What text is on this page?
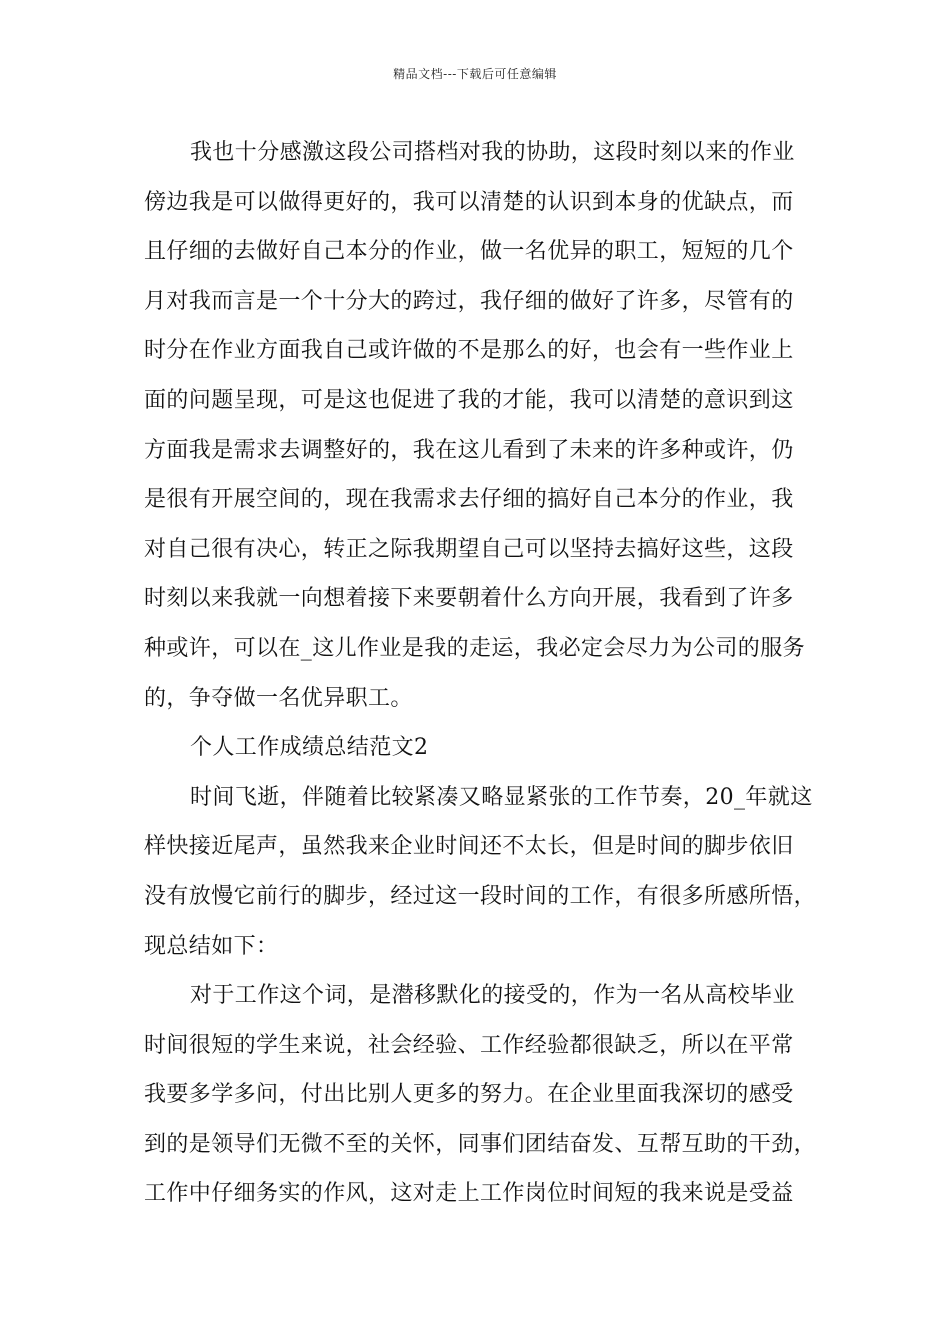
精品文档---下载后可任意编辑

我也十分感激这段公司搭档对我的协助，这段时刻以来的作业
傍边我是可以做得更好的，我可以清楚的认识到本身的优缺点，而
且仔细的去做好自己本分的作业，做一名优异的职工，短短的几个
月对我而言是一个十分大的跨过，我仔细的做好了许多，尽管有的
时分在作业方面我自己或许做的不是那么的好，也会有一些作业上
面的问题呈现，可是这也促进了我的才能，我可以清楚的意识到这
方面我是需求去调整好的，我在这儿看到了未来的许多种或许，仍
是很有开展空间的，现在我需求去仔细的搞好自己本分的作业，我
对自己很有决心，转正之际我期望自己可以坚持去搞好这些，这段
时刻以来我就一向想着接下来要朝着什么方向开展，我看到了许多
种或许，可以在_这儿作业是我的走运，我必定会尽力为公司的服务
的，争夺做一名优异职工。

个人工作成绩总结范文2

时间飞逝，伴随着比较紧凑又略显紧张的工作节奏，20_年就这
样快接近尾声，虽然我来企业时间还不太长，但是时间的脚步依旧
没有放慢它前行的脚步，经过这一段时间的工作，有很多所感所悟，
现总结如下：

对于工作这个词，是潜移默化的接受的，作为一名从高校毕业
时间很短的学生来说，社会经验、工作经验都很缺乏，所以在平常
我要多学多问，付出比别人更多的努力。在企业里面我深切的感受
到的是领导们无微不至的关怀，同事们团结奋发、互帮互助的干劲，
工作中仔细务实的作风，这对走上工作岗位时间短的我来说是受益
